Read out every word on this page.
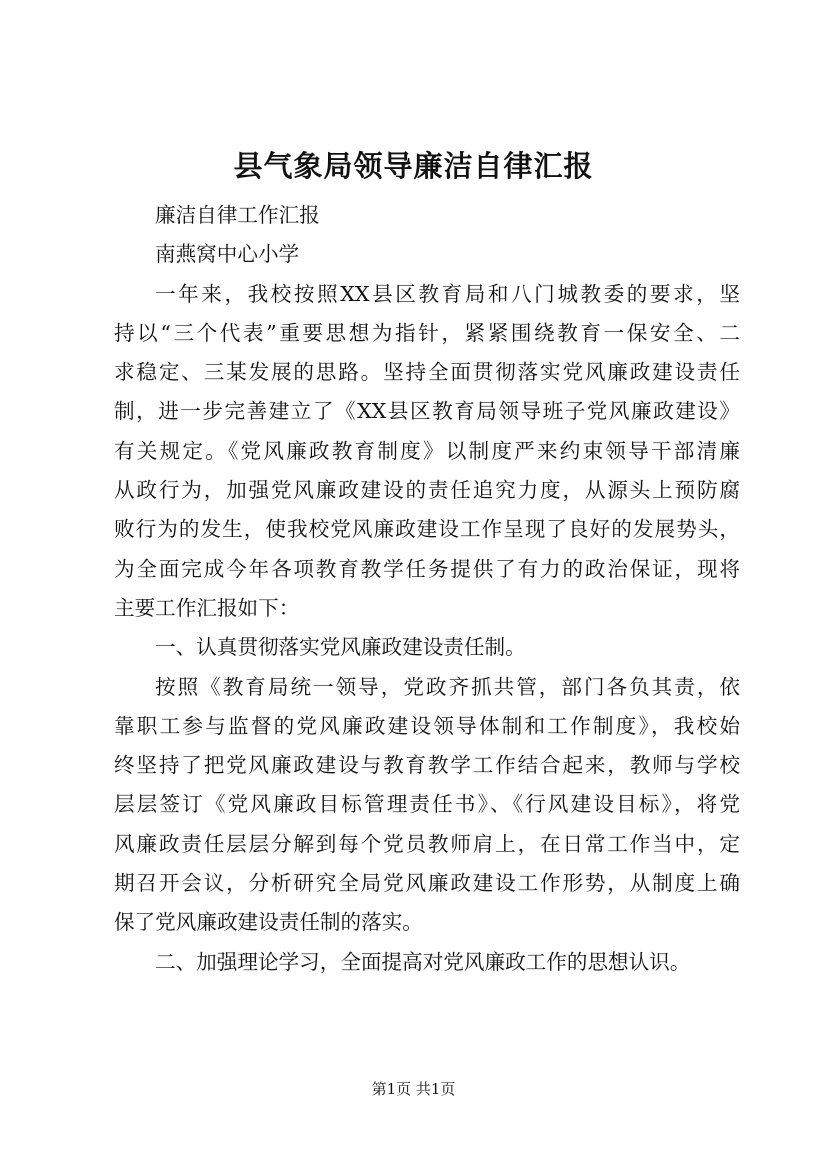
县气象局领导廉洁自律汇报
廉洁自律工作汇报
南燕窝中心小学
一年来，我校按照XX县区教育局和八门城教委的要求，坚
持以“三个代表”重要思想为指针，紧紧围绕教育一保安全、二
求稳定、三某发展的思路。坚持全面贯彻落实党风廉政建设责任
制，进一步完善建立了《XX县区教育局领导班子党风廉政建设》
有关规定。《党风廉政教育制度》以制度严来约束领导干部清廉
从政行为，加强党风廉政建设的责任追究力度，从源头上预防腐
败行为的发生，使我校党风廉政建设工作呈现了良好的发展势头，
为全面完成今年各项教育教学任务提供了有力的政治保证，现将
主要工作汇报如下：
一、认真贯彻落实党风廉政建设责任制。
按照《教育局统一领导，党政齐抓共管，部门各负其责，依
靠职工参与监督的党风廉政建设领导体制和工作制度》，我校始
终坚持了把党风廉政建设与教育教学工作结合起来，教师与学校
层层签订《党风廉政目标管理责任书》、《行风建设目标》，将党
风廉政责任层层分解到每个党员教师肩上，在日常工作当中，定
期召开会议，分析研究全局党风廉政建设工作形势，从制度上确
保了党风廉政建设责任制的落实。
二、加强理论学习，全面提高对党风廉政工作的思想认识。
第1页 共1页
